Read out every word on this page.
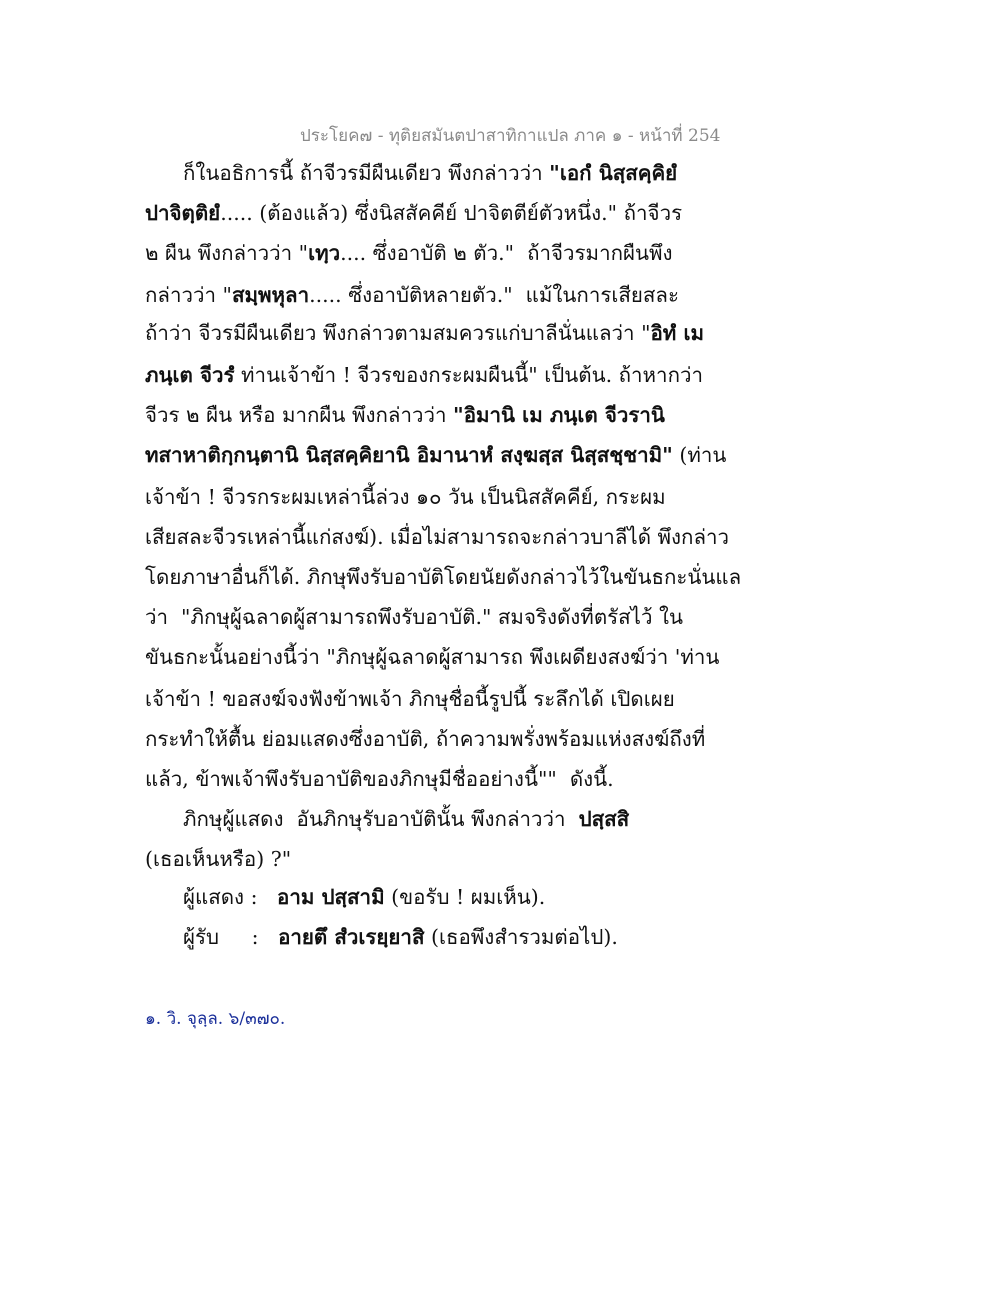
ประโยค๗ - ทุติยสมันตปาสาทิกาแปล ภาค ๑ - หน้าที่ 254
ก็ในอธิการนี้ ถ้าจีวรมีผืนเดียว พึงกล่าวว่า "เอกํ นิสฺสคฺคิยํ
ปาจิตฺติยํ..... (ต้องแล้ว) ซึ่งนิสสัคคีย์ ปาจิตตีย์ตัวหนึ่ง." ถ้าจีวร
๒ ผืน พึงกล่าวว่า "เทฺว.... ซึ่งอาบัติ ๒ ตัว."  ถ้าจีวรมากผืนพึง
กล่าวว่า "สมฺพหุลา..... ซึ่งอาบัติหลายตัว."  แม้ในการเสียสละ
ถ้าว่า จีวรมีผืนเดียว พึงกล่าวตามสมควรแก่บาลีนั่นแลว่า "อิทํ เม
ภนฺเต จีวรํ ท่านเจ้าข้า ! จีวรของกระผมผืนนี้" เป็นต้น. ถ้าหากว่า
จีวร ๒ ผืน หรือ มากผืน พึงกล่าวว่า "อิมานิ เม ภนฺเต จีวรานิ
ทสาหาติกฺกนฺตานิ นิสฺสคฺคิยานิ อิมานาหํ สงฺฆสฺส นิสฺสชฺชามิ" (ท่าน
เจ้าข้า ! จีวรกระผมเหล่านี้ล่วง ๑๐ วัน เป็นนิสสัคคีย์, กระผม
เสียสละจีวรเหล่านี้แก่สงฆ์). เมื่อไม่สามารถจะกล่าวบาลีได้ พึงกล่าว
โดยภาษาอื่นก็ได้. ภิกษุพึงรับอาบัติโดยนัยดังกล่าวไว้ในขันธกะนั่นแล
ว่า  "ภิกษุผู้ฉลาดผู้สามารถพึงรับอาบัติ." สมจริงดังที่ตรัสไว้ ใน
ขันธกะนั้นอย่างนี้ว่า "ภิกษุผู้ฉลาดผู้สามารถ พึงเผดียงสงฆ์ว่า 'ท่าน
เจ้าข้า ! ขอสงฆ์จงฟังข้าพเจ้า ภิกษุชื่อนี้รูปนี้ ระลึกได้ เปิดเผย
กระทำให้ตื้น ย่อมแสดงซึ่งอาบัติ, ถ้าความพรั่งพร้อมแห่งสงฆ์ถึงที่
แล้ว, ข้าพเจ้าพึงรับอาบัติของภิกษุมีชื่ออย่างนี้""  ดังนี้.
ภิกษุผู้แสดง  อันภิกษุรับอาบัตินั้น พึงกล่าวว่า  ปสฺสสิ
(เธอเห็นหรือ) ?"
ผู้แสดง :   อาม ปสฺสามิ (ขอรับ ! ผมเห็น).
ผู้รับ     :   อายตึ สํวเรยฺยาสิ (เธอพึงสำรวมต่อไป).
๑. วิ. จุลฺล. ๖/๓๗๐.
